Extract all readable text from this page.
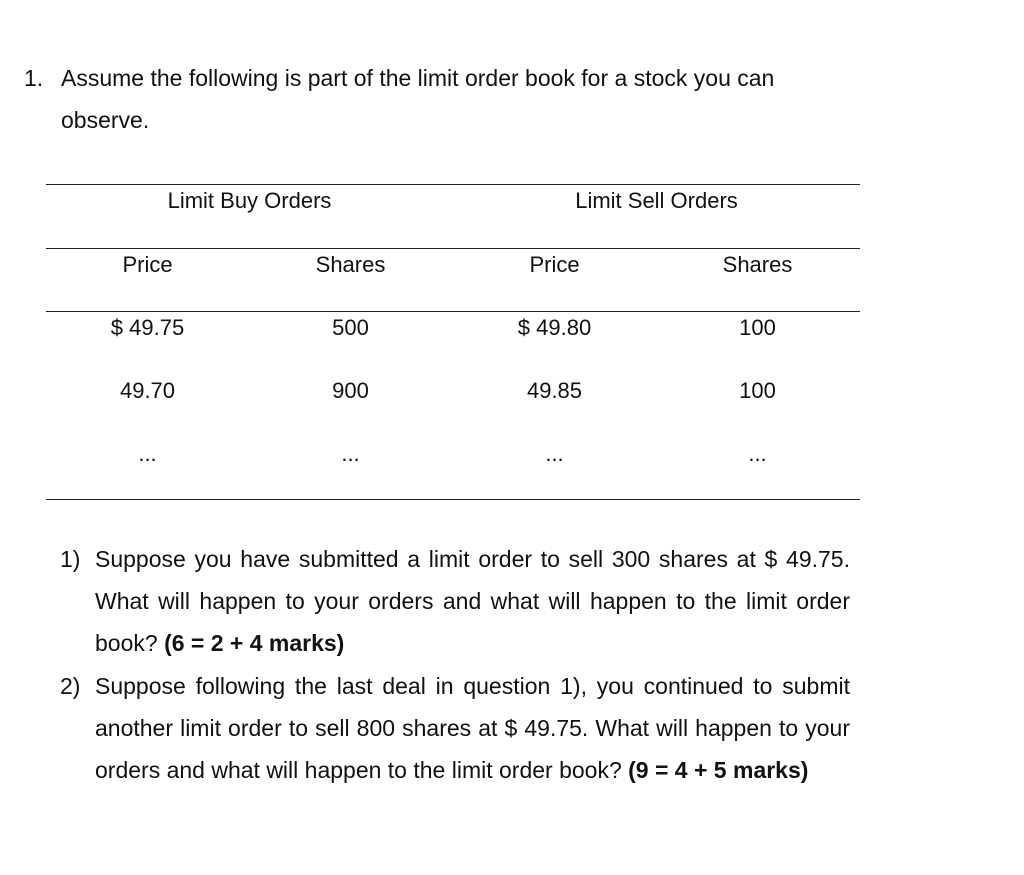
1. Assume the following is part of the limit order book for a stock you can observe.
Limit Buy Orders	Limit Sell Orders
Price	Shares	Price	Shares
$ 49.75	500	$ 49.80	100
49.70	900	49.85	100
...	...	...	...
1) Suppose you have submitted a limit order to sell 300 shares at $ 49.75. What will happen to your orders and what will happen to the limit order book? (6 = 2 + 4 marks)
2) Suppose following the last deal in question 1), you continued to submit another limit order to sell 800 shares at $ 49.75. What will happen to your orders and what will happen to the limit order book? (9 = 4 + 5 marks)
